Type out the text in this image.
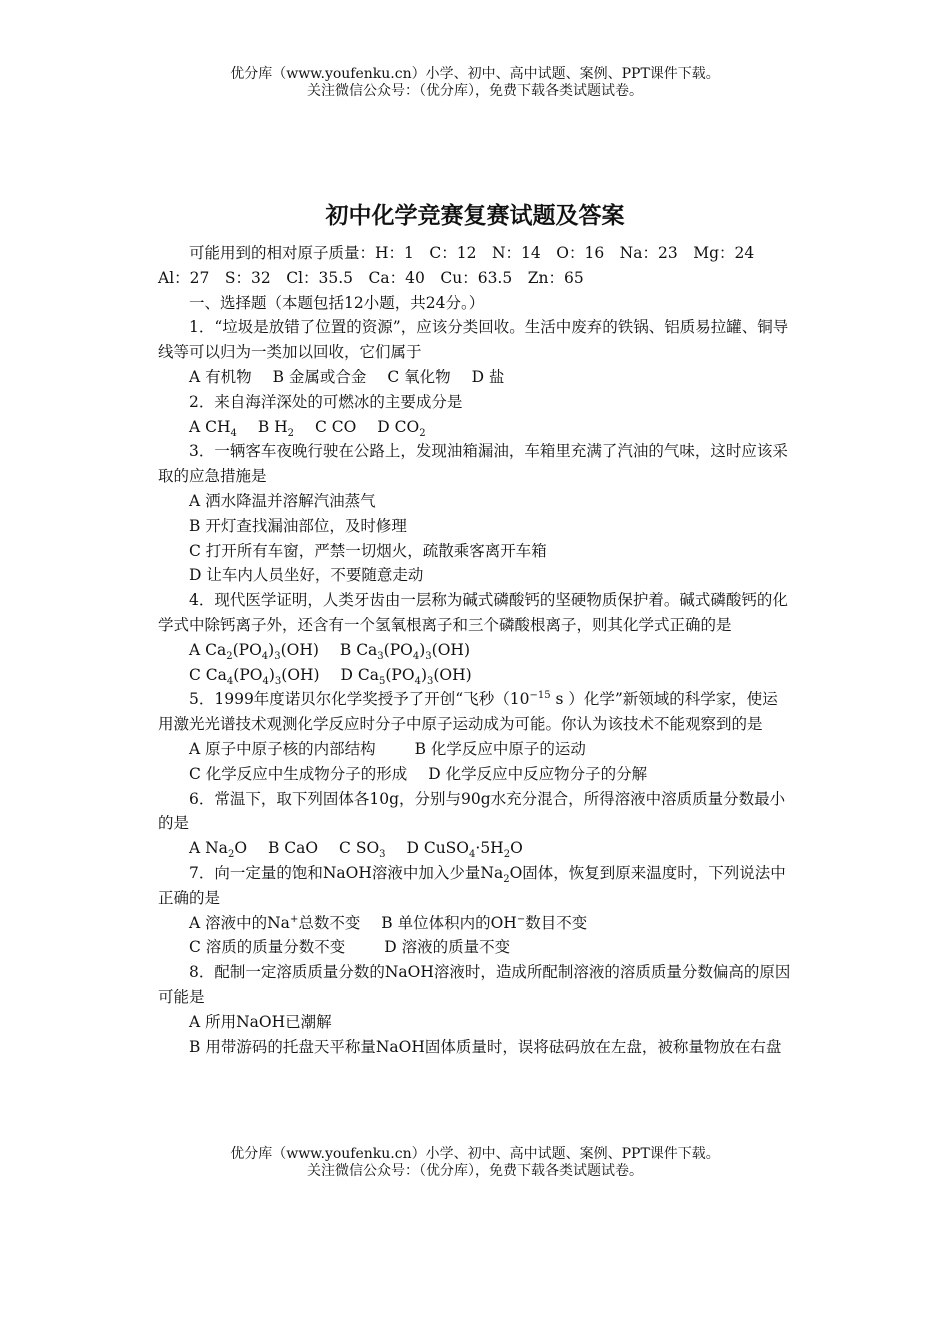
优分库（www.youfenku.cn）小学、初中、高中试题、案例、PPT课件下载。
关注微信公众号：（优分库），免费下载各类试题试卷。
初中化学竞赛复赛试题及答案

可能用到的相对原子质量：H：1　C：12　N：14　O：16　Na：23　Mg：24　Al：27　S：32　Cl：35.5　Ca：40　Cu：63.5　Zn：65

一、选择题（本题包括12小题，共24分。）

1．“垃圾是放错了位置的资源”，应该分类回收。生活中废弃的铁锅、铝质易拉罐、铜导线等可以归为一类加以回收，它们属于

A 有机物 B 金属或合金 C 氧化物 D 盐

2．来自海洋深处的可燃冰的主要成分是

A $CH_4$ B $H_2$ C CO D $CO_2$

3．一辆客车夜晚行驶在公路上，发现油箱漏油，车箱里充满了汽油的气味，这时应该采取的应急措施是

A 洒水降温并溶解汽油蒸气

B 开灯查找漏油部位，及时修理

C 打开所有车窗，严禁一切烟火，疏散乘客离开车箱

D 让车内人员坐好，不要随意走动

4．现代医学证明，人类牙齿由一层称为碱式磷酸钙的坚硬物质保护着。碱式磷酸钙的化学式中除钙离子外，还含有一个氢氧根离子和三个磷酸根离子，则其化学式正确的是

A $Ca_2(PO_4)_3(OH)$ B $Ca_3(PO_4)_3(OH)$

C $Ca_4(PO_4)_3(OH)$ D $Ca_5(PO_4)_3(OH)$

5．1999年度诺贝尔化学奖授予了开创“飞秒（$10^{-15}$ s ）化学”新领域的科学家，使运用激光光谱技术观测化学反应时分子中原子运动成为可能。你认为该技术不能观察到的是

A 原子中原子核的内部结构	B 化学反应中原子的运动

C 化学反应中生成物分子的形成 D 化学反应中反应物分子的分解

6．常温下，取下列固体各10g，分别与90g水充分混合，所得溶液中溶质质量分数最小的是

A $Na_2O$ B CaO C $SO_3$ D $CuSO_4\cdot 5H_2O$

7．向一定量的饱和NaOH溶液中加入少量$Na_2O$固体，恢复到原来温度时，下列说法中正确的是

A 溶液中的Na+总数不变 B 单位体积内的OH−数目不变

C 溶质的质量分数不变	D 溶液的质量不变

8．配制一定溶质质量分数的NaOH溶液时，造成所配制溶液的溶质质量分数偏高的原因可能是

A 所用NaOH已潮解

B 用带游码的托盘天平称量NaOH固体质量时，误将砝码放在左盘，被称量物放在右盘

优分库（www.youfenku.cn）小学、初中、高中试题、案例、PPT课件下载。
关注微信公众号：（优分库），免费下载各类试题试卷。
